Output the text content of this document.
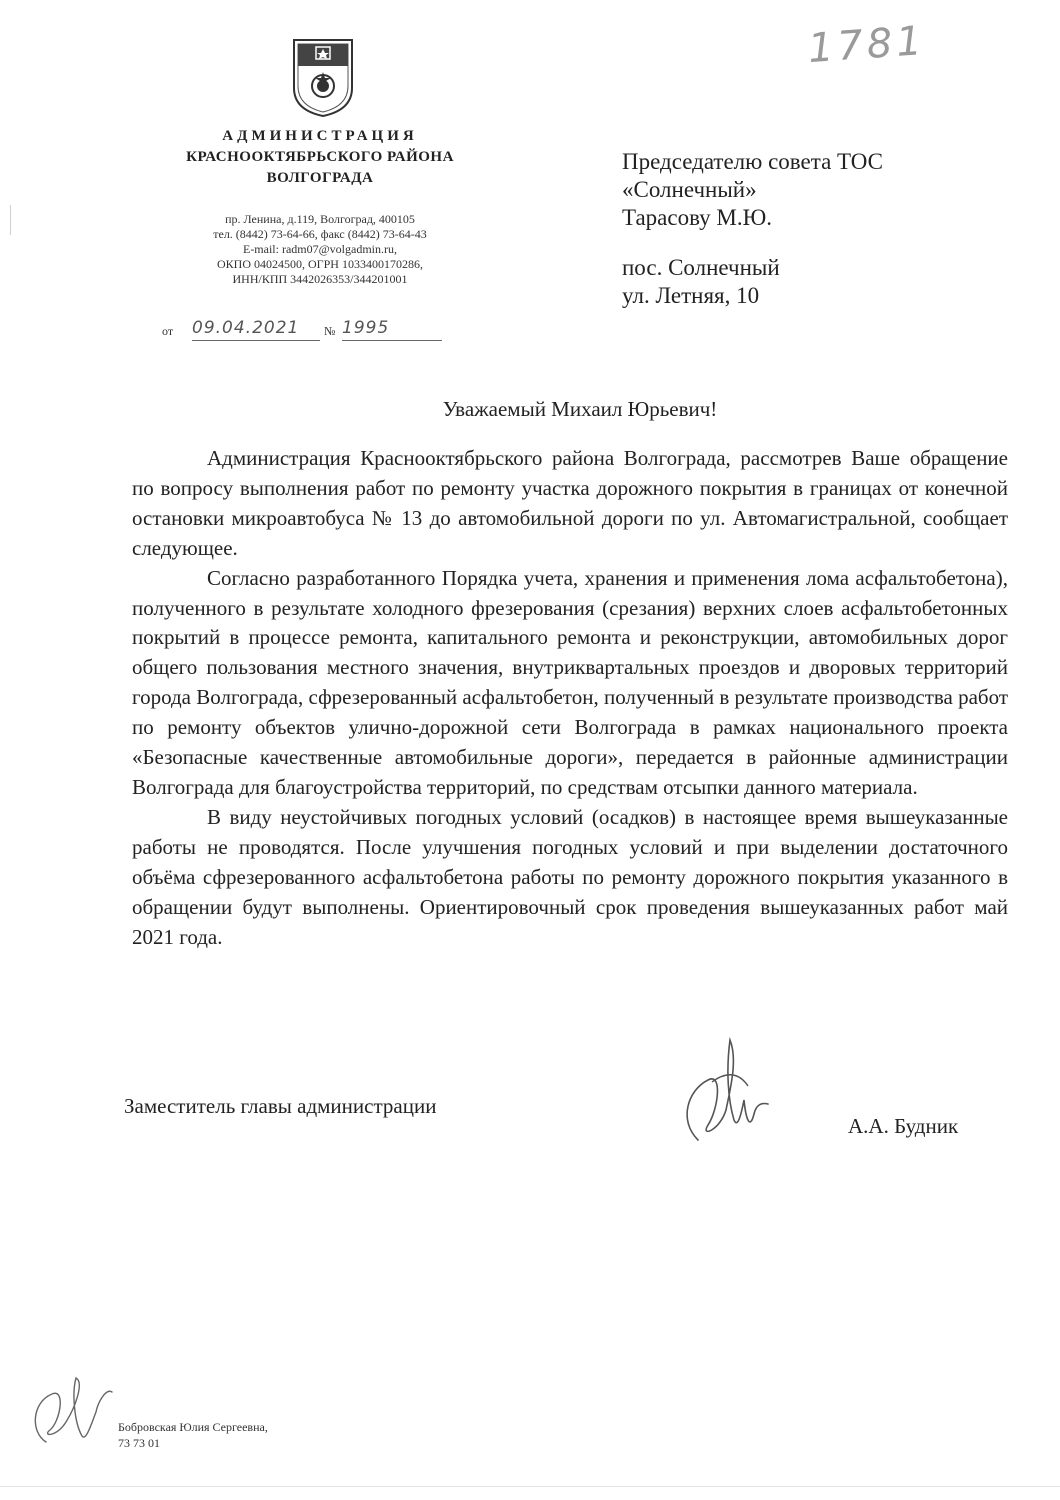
АДМИНИСТРАЦИЯ
КРАСНООКТЯБРЬСКОГО РАЙОНА
ВОЛГОГРАДА
пр. Ленина, д.119, Волгоград, 400105
тел. (8442) 73-64-66, факс (8442) 73-64-43
E-mail: radm07@volgadmin.ru,
ОКПО 04024500, ОГРН 1033400170286,
ИНН/КПП 3442026353/344201001
от 09.04.2021	№ 1995
1781
Председателю совета ТОС
«Солнечный»
Тарасову М.Ю.
пос. Солнечный
ул. Летняя, 10
Уважаемый Михаил Юрьевич!

Администрация Краснооктябрьского района Волгограда, рассмотрев Ваше обращение по вопросу выполнения работ по ремонту участка дорожного покрытия в границах от конечной остановки микроавтобуса № 13 до автомобильной дороги по ул. Автомагистральной, сообщает следующее.

Согласно разработанного Порядка учета, хранения и применения лома асфальтобетона), полученного в результате холодного фрезерования (срезания) верхних слоев асфальтобетонных покрытий в процессе ремонта, капитального ремонта и реконструкции, автомобильных дорог общего пользования местного значения, внутриквартальных проездов и дворовых территорий города Волгограда, сфрезерованный асфальтобетон, полученный в результате производства работ по ремонту объектов улично-дорожной сети Волгограда в рамках национального проекта «Безопасные качественные автомобильные дороги», передается в районные администрации Волгограда для благоустройства территорий, по средствам отсыпки данного материала.

В виду неустойчивых погодных условий (осадков) в настоящее время вышеуказанные работы не проводятся. После улучшения погодных условий и при выделении достаточного объёма сфрезерованного асфальтобетона работы по ремонту дорожного покрытия указанного в обращении будут выполнены. Ориентировочный срок проведения вышеуказанных работ май 2021 года.

Заместитель главы администрации
А.А. Будник
Бобровская Юлия Сергеевна,
73 73 01
